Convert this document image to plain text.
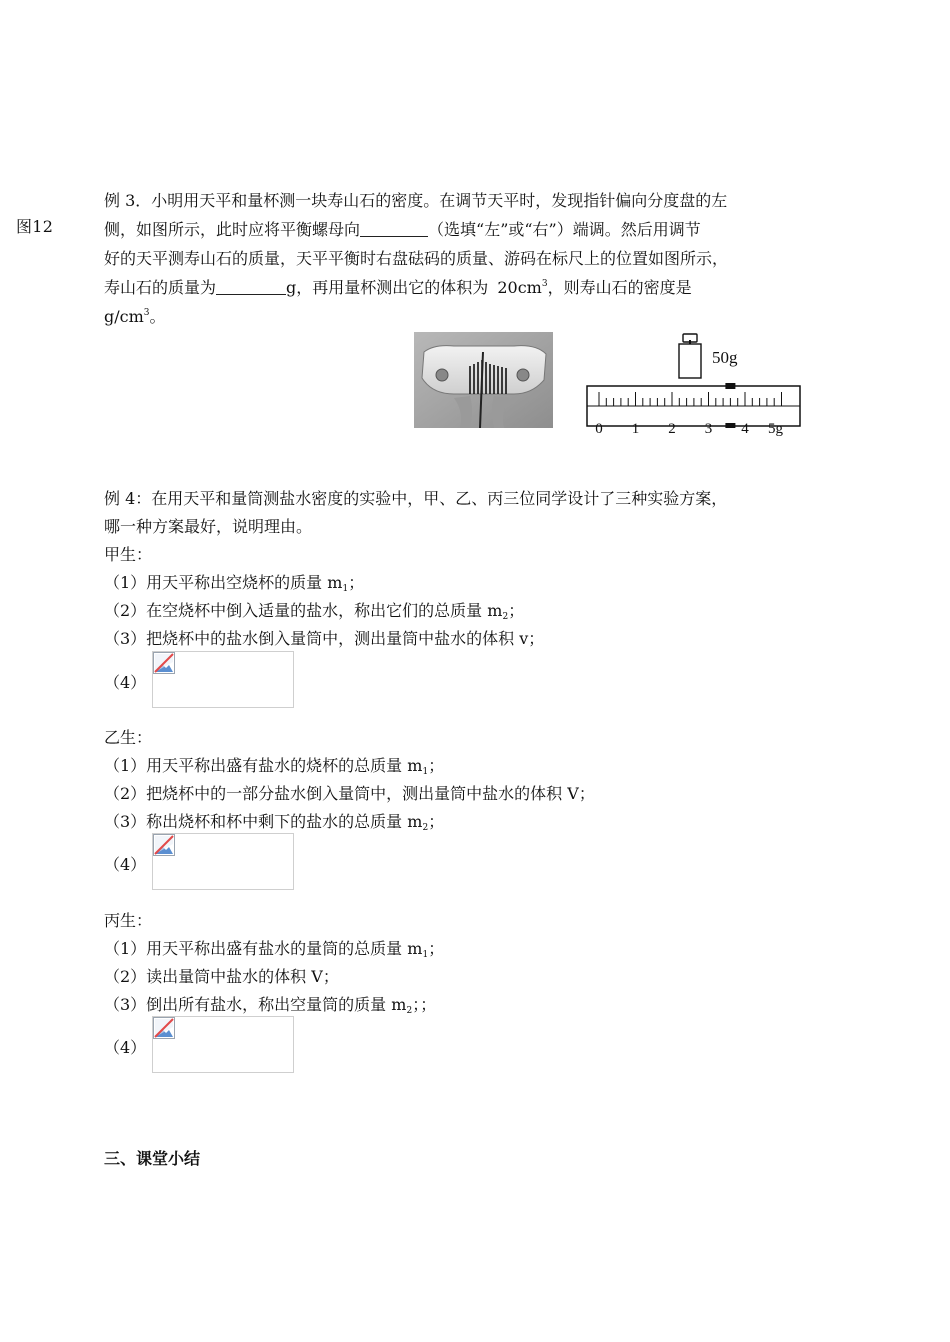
图12
例 3．小明用天平和量杯测一块寿山石的密度。在调节天平时，发现指针偏向分度盘的左
侧，如图所示，此时应将平衡螺母向	（选填“左”或“右”）端调。然后用调节
好的天平测寿山石的质量，天平平衡时右盘砝码的质量、游码在标尺上的位置如图所示，
寿山石的质量为	g，再用量杯测出它的体积为 $20cm^3$，则寿山石的密度是
$g/cm^3$。
50g
0 1 2 3 4 5g
例 4：在用天平和量筒测盐水密度的实验中，甲、乙、丙三位同学设计了三种实验方案，
哪一种方案最好，说明理由。
甲生：
（1）用天平称出空烧杯的质量 $m_1$；
（2）在空烧杯中倒入适量的盐水，称出它们的总质量 $m_2$；
（3）把烧杯中的盐水倒入量筒中，测出量筒中盐水的体积 v；
（4）
乙生：
（1）用天平称出盛有盐水的烧杯的总质量 $m_1$；
（2）把烧杯中的一部分盐水倒入量筒中，测出量筒中盐水的体积 V；
（3）称出烧杯和杯中剩下的盐水的总质量 $m_2$；
（4）
丙生：
（1）用天平称出盛有盐水的量筒的总质量 $m_1$；
（2）读出量筒中盐水的体积 V；
（3）倒出所有盐水，称出空量筒的质量 $m_2$；；
（4）
三、课堂小结
